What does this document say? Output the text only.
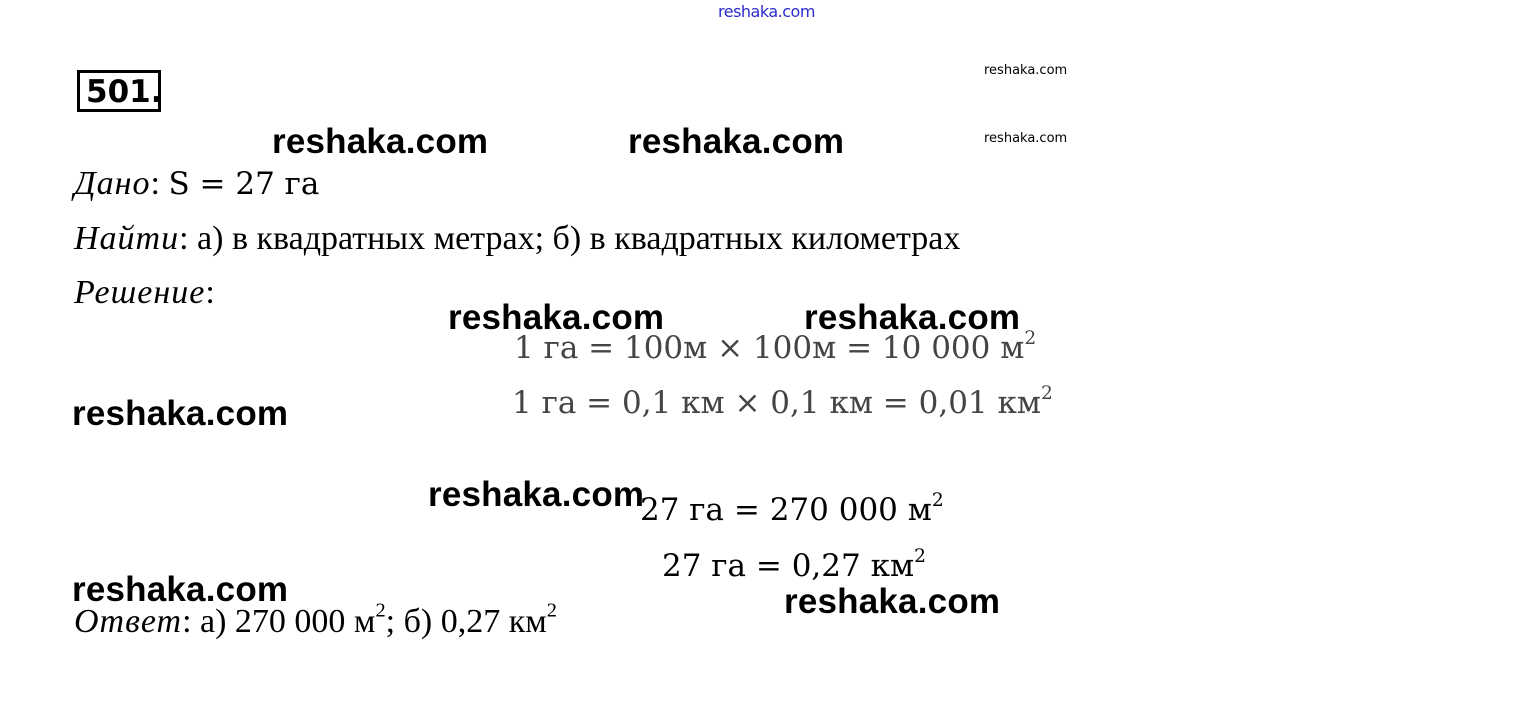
reshaka.com
501.
reshaka.com
reshaka.com
reshaka.com	reshaka.com
Дано: S = 27 га
Найти: а) в квадратных метрах; б) в квадратных километрах
Решение:
reshaka.com	reshaka.com
1 га = 100м × 100м = 10 000 $м^2$
reshaka.com	1 га = 0,1 км × 0,1 км = 0,01 $км^2$
reshaka.com
27 га = 270 000 $м^2$
27 га = 0,27 $км^2$
reshaka.com	reshaka.com
Ответ: а) 270 000 $м^2$; б) 0,27 $км^2$
